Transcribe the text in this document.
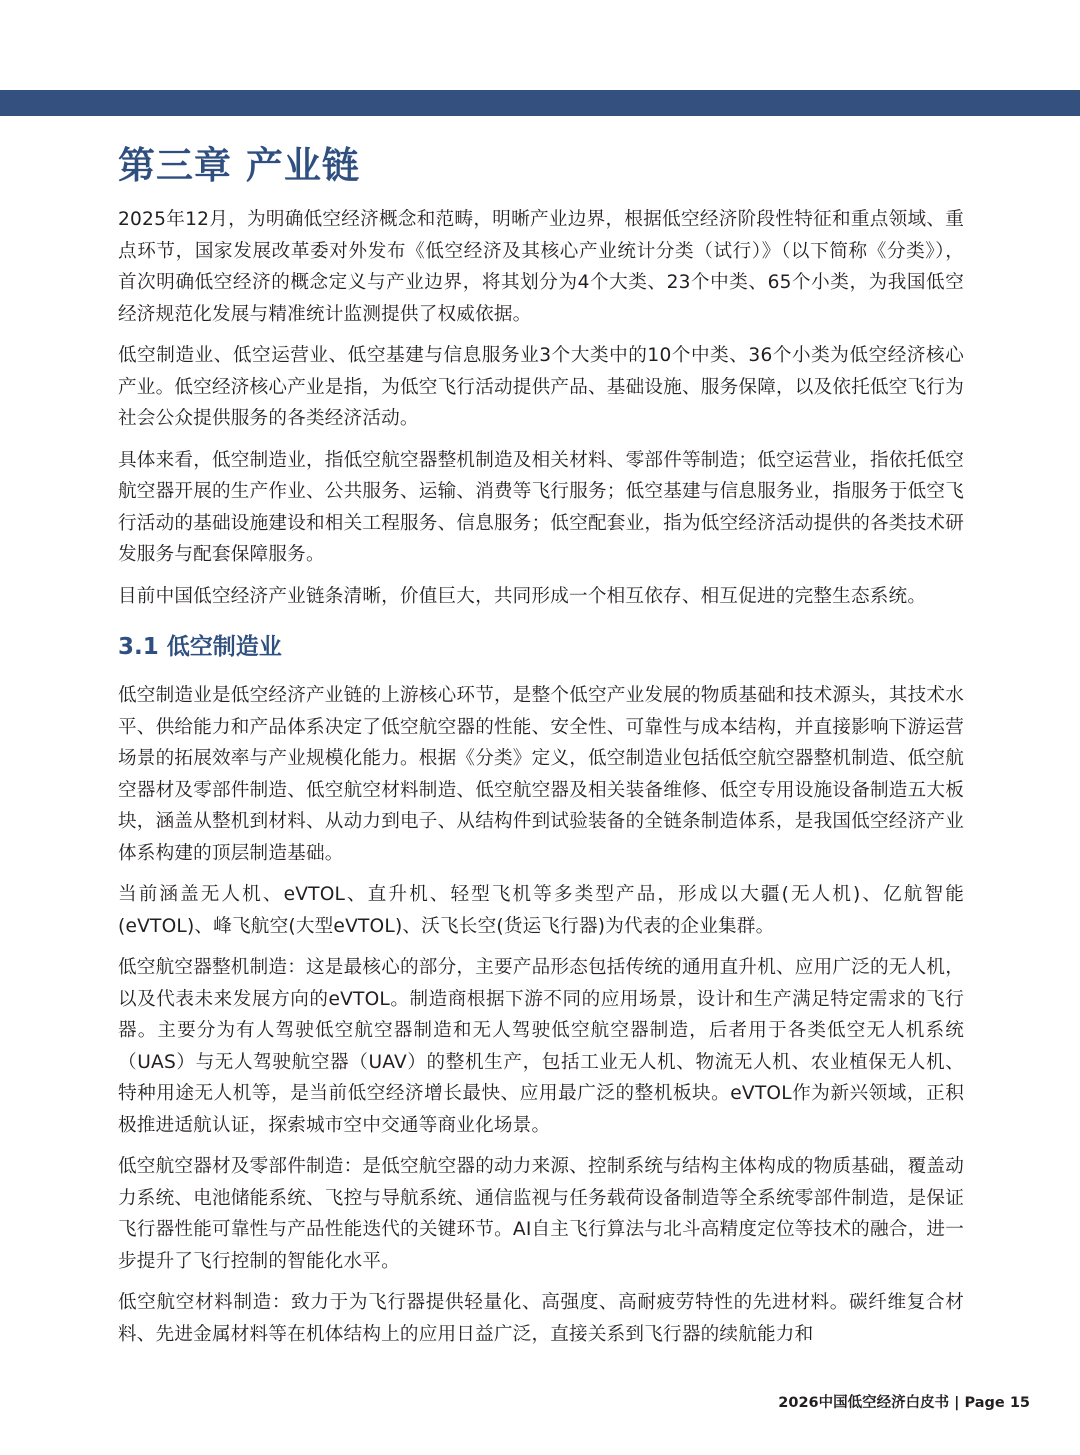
第三章 产业链

2025年12月，为明确低空经济概念和范畴，明晰产业边界，根据低空经济阶段性特征和重点领域、重点环节，国家发展改革委对外发布《低空经济及其核心产业统计分类（试行）》（以下简称《分类》），首次明确低空经济的概念定义与产业边界，将其划分为4个大类、23个中类、65个小类，为我国低空经济规范化发展与精准统计监测提供了权威依据。

低空制造业、低空运营业、低空基建与信息服务业3个大类中的10个中类、36个小类为低空经济核心产业。低空经济核心产业是指，为低空飞行活动提供产品、基础设施、服务保障，以及依托低空飞行为社会公众提供服务的各类经济活动。

具体来看，低空制造业，指低空航空器整机制造及相关材料、零部件等制造；低空运营业，指依托低空航空器开展的生产作业、公共服务、运输、消费等飞行服务；低空基建与信息服务业，指服务于低空飞行活动的基础设施建设和相关工程服务、信息服务；低空配套业，指为低空经济活动提供的各类技术研发服务与配套保障服务。

目前中国低空经济产业链条清晰，价值巨大，共同形成一个相互依存、相互促进的完整生态系统。

3.1 低空制造业

低空制造业是低空经济产业链的上游核心环节，是整个低空产业发展的物质基础和技术源头，其技术水平、供给能力和产品体系决定了低空航空器的性能、安全性、可靠性与成本结构，并直接影响下游运营场景的拓展效率与产业规模化能力。根据《分类》定义，低空制造业包括低空航空器整机制造、低空航空器材及零部件制造、低空航空材料制造、低空航空器及相关装备维修、低空专用设施设备制造五大板块，涵盖从整机到材料、从动力到电子、从结构件到试验装备的全链条制造体系，是我国低空经济产业体系构建的顶层制造基础。

当前涵盖无人机、eVTOL、直升机、轻型飞机等多类型产品，形成以大疆(无人机)、亿航智能(eVTOL)、峰飞航空(大型eVTOL)、沃飞长空(货运飞行器)为代表的企业集群。

低空航空器整机制造：这是最核心的部分，主要产品形态包括传统的通用直升机、应用广泛的无人机，以及代表未来发展方向的eVTOL。制造商根据下游不同的应用场景，设计和生产满足特定需求的飞行器。主要分为有人驾驶低空航空器制造和无人驾驶低空航空器制造，后者用于各类低空无人机系统（UAS）与无人驾驶航空器（UAV）的整机生产，包括工业无人机、物流无人机、农业植保无人机、特种用途无人机等，是当前低空经济增长最快、应用最广泛的整机板块。eVTOL作为新兴领域，正积极推进适航认证，探索城市空中交通等商业化场景。

低空航空器材及零部件制造：是低空航空器的动力来源、控制系统与结构主体构成的物质基础，覆盖动力系统、电池储能系统、飞控与导航系统、通信监视与任务载荷设备制造等全系统零部件制造，是保证飞行器性能可靠性与产品性能迭代的关键环节。AI自主飞行算法与北斗高精度定位等技术的融合，进一步提升了飞行控制的智能化水平。

低空航空材料制造：致力于为飞行器提供轻量化、高强度、高耐疲劳特性的先进材料。碳纤维复合材料、先进金属材料等在机体结构上的应用日益广泛，直接关系到飞行器的续航能力和

2026中国低空经济白皮书 | Page 15
